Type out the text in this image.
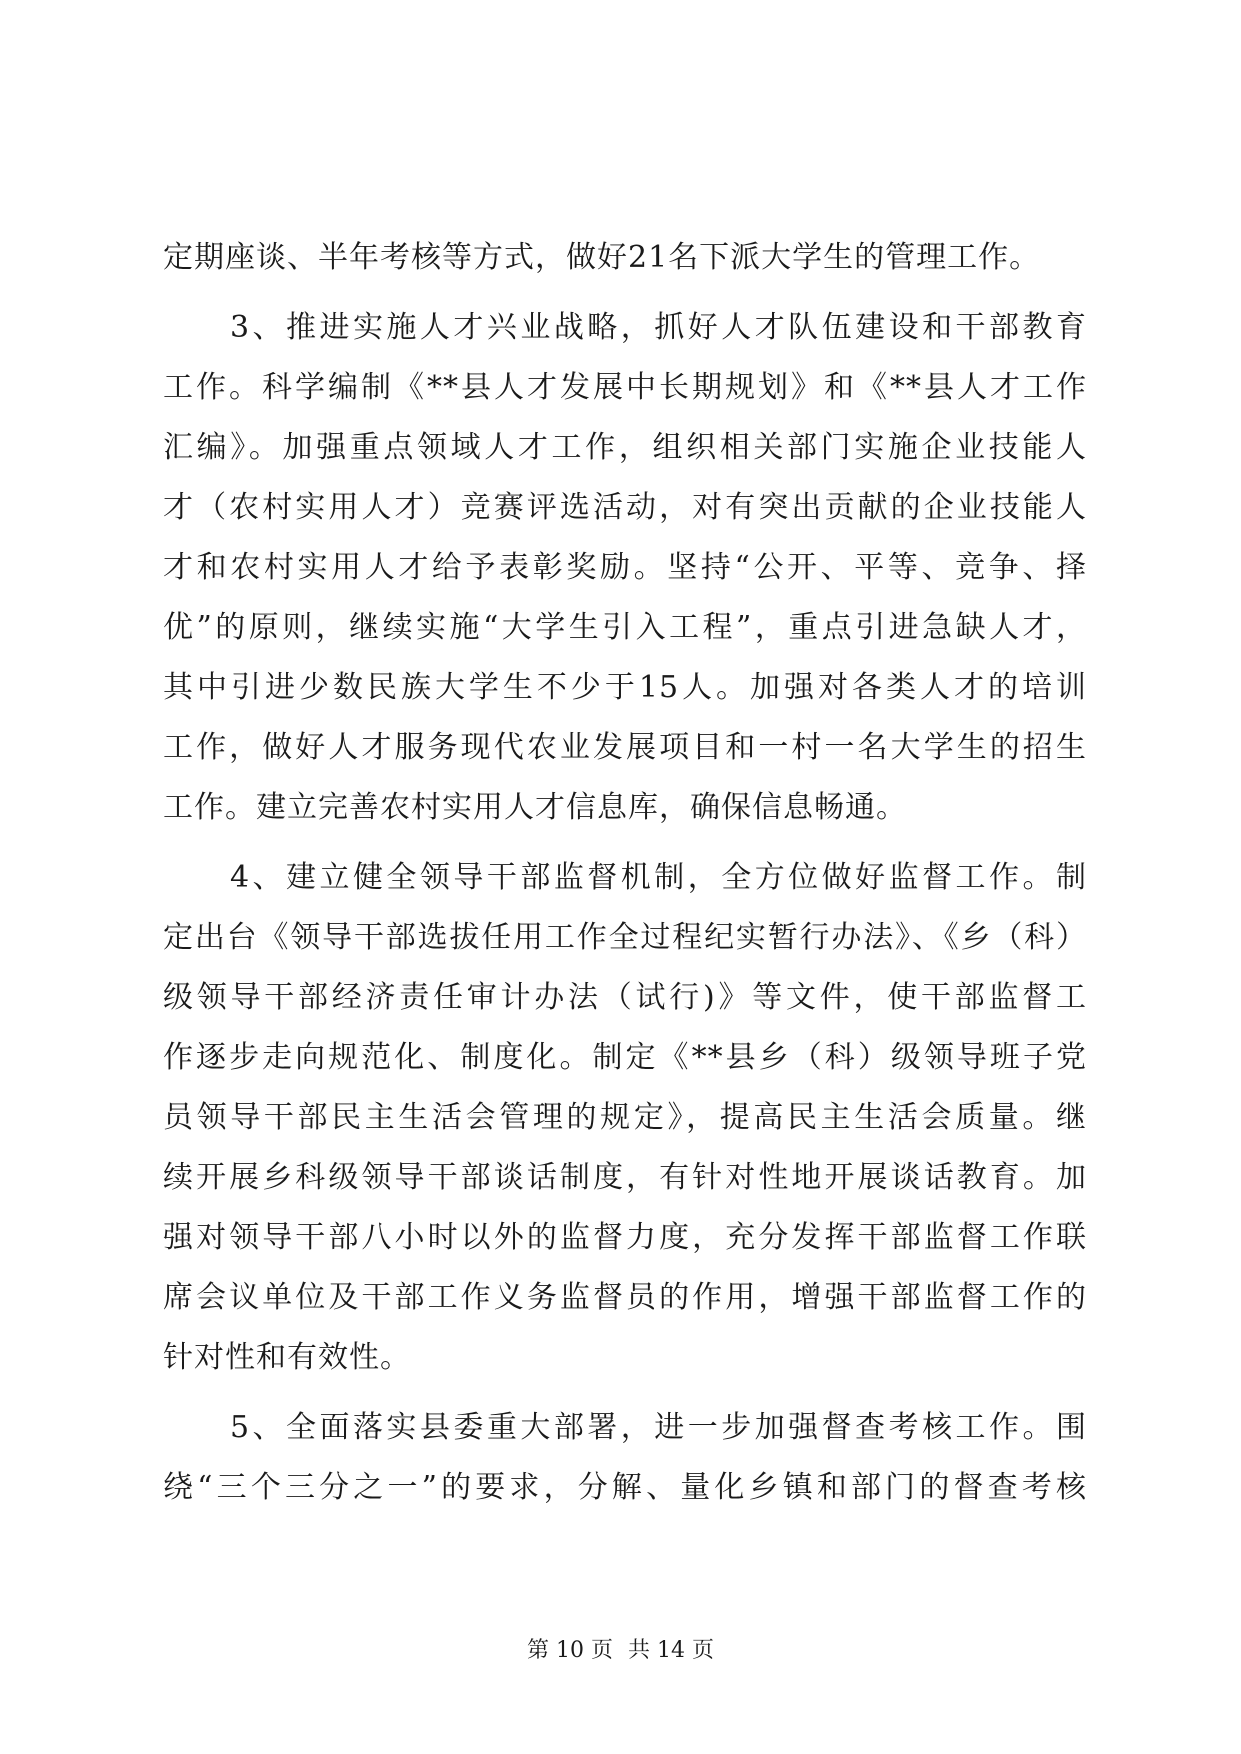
定期座谈、半年考核等方式，做好21名下派大学生的管理工作。
　　3、推进实施人才兴业战略，抓好人才队伍建设和干部教育
工作。科学编制《**县人才发展中长期规划》和《**县人才工作
汇编》。加强重点领域人才工作，组织相关部门实施企业技能人
才（农村实用人才）竞赛评选活动，对有突出贡献的企业技能人
才和农村实用人才给予表彰奖励。坚持“公开、平等、竞争、择
优”的原则，继续实施“大学生引入工程”，重点引进急缺人才，
其中引进少数民族大学生不少于15人。加强对各类人才的培训
工作，做好人才服务现代农业发展项目和一村一名大学生的招生
工作。建立完善农村实用人才信息库，确保信息畅通。
　　4、建立健全领导干部监督机制，全方位做好监督工作。制
定出台《领导干部选拔任用工作全过程纪实暂行办法》、《乡（科）
级领导干部经济责任审计办法（试行)》等文件，使干部监督工
作逐步走向规范化、制度化。制定《**县乡（科）级领导班子党
员领导干部民主生活会管理的规定》，提高民主生活会质量。继
续开展乡科级领导干部谈话制度，有针对性地开展谈话教育。加
强对领导干部八小时以外的监督力度，充分发挥干部监督工作联
席会议单位及干部工作义务监督员的作用，增强干部监督工作的
针对性和有效性。
　　5、全面落实县委重大部署，进一步加强督查考核工作。围
绕“三个三分之一”的要求，分解、量化乡镇和部门的督查考核
第 10 页 共 14 页
